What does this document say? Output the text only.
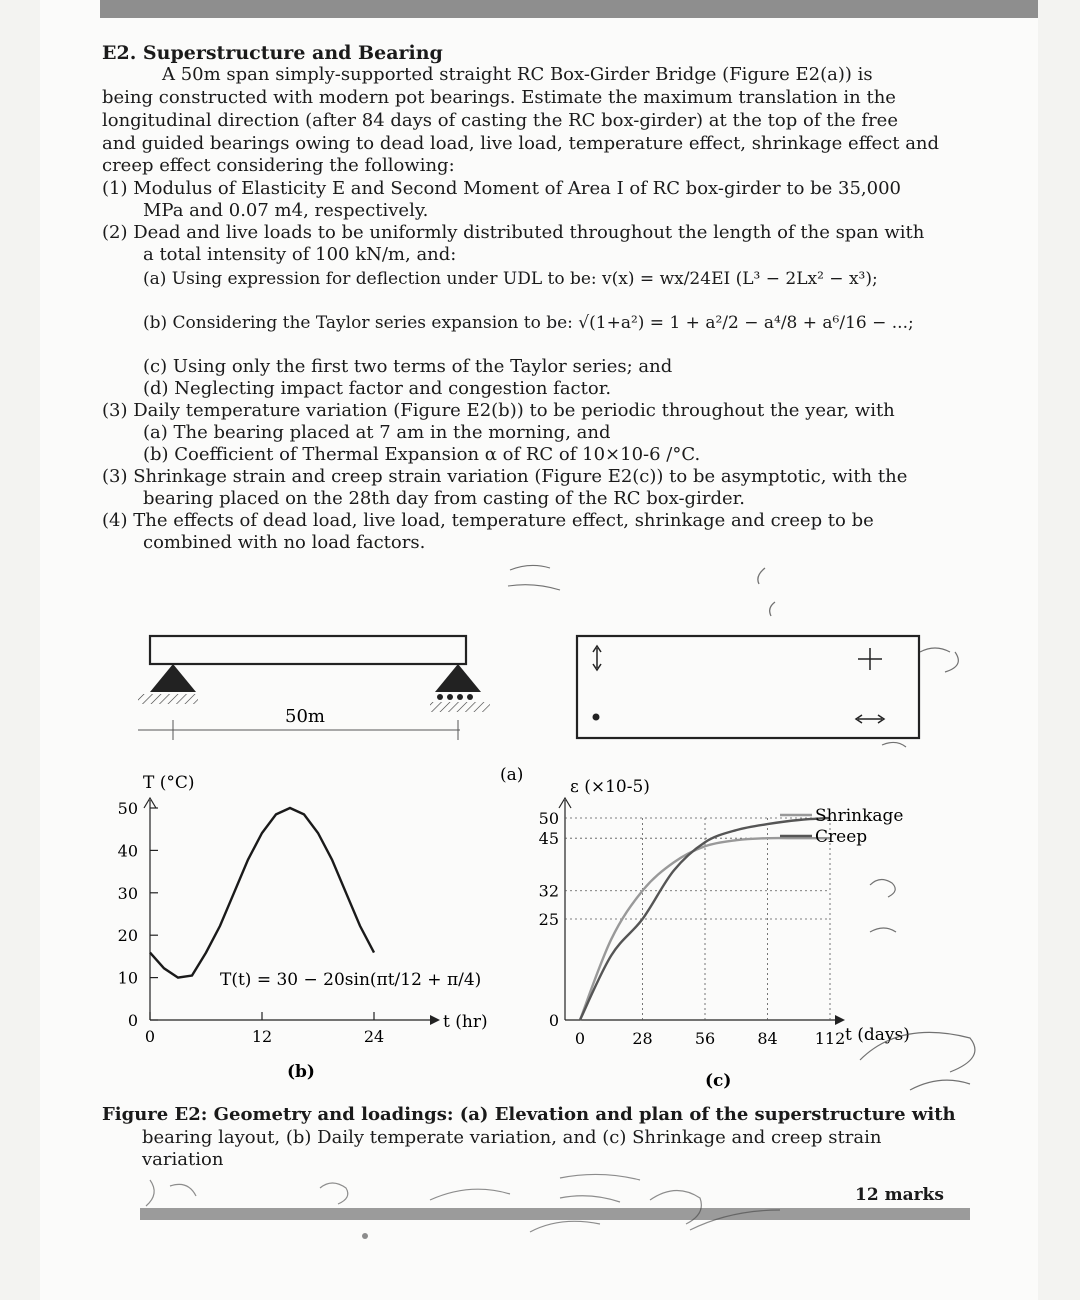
E2. Superstructure and Bearing
A 50m span simply-supported straight RC Box-Girder Bridge (Figure E2(a)) is
being constructed with modern pot bearings. Estimate the maximum translation in the
longitudinal direction (after 84 days of casting the RC box-girder) at the top of the free
and guided bearings owing to dead load, live load, temperature effect, shrinkage effect and
creep effect considering the following:
(1) Modulus of Elasticity E and Second Moment of Area I of RC box-girder to be 35,000
MPa and 0.07 m4, respectively.
(2) Dead and live loads to be uniformly distributed throughout the length of the span with
a total intensity of 100 kN/m, and:
(a) Using expression for deflection under UDL to be: v(x) = wx/24EI (L³ − 2Lx² − x³);
(b) Considering the Taylor series expansion to be: √(1+a²) = 1 + a²/2 − a⁴/8 + a⁶/16 − ...;
(c) Using only the first two terms of the Taylor series; and
(d) Neglecting impact factor and congestion factor.
(3) Daily temperature variation (Figure E2(b)) to be periodic throughout the year, with
(a) The bearing placed at 7 am in the morning, and
(b) Coefficient of Thermal Expansion α of RC of 10×10-6 /°C.
(3) Shrinkage strain and creep strain variation (Figure E2(c)) to be asymptotic, with the
bearing placed on the 28th day from casting of the RC box-girder.
(4) The effects of dead load, live load, temperature effect, shrinkage and creep to be
combined with no load factors.
50m
(a)
T (°C)
t (hr)
0
10
20
30
40
50
0	12	24
T(t) = 30 − 20sin(πt/12 + π/4)
(b)
ε (×10-5)
t (days)
0
25
32
45
50
0	28	56	84 112
Shrinkage
Creep
(c)
Figure E2: Geometry and loadings: (a) Elevation and plan of the superstructure with
bearing layout, (b) Daily temperate variation, and (c) Shrinkage and creep strain
variation
12 marks
